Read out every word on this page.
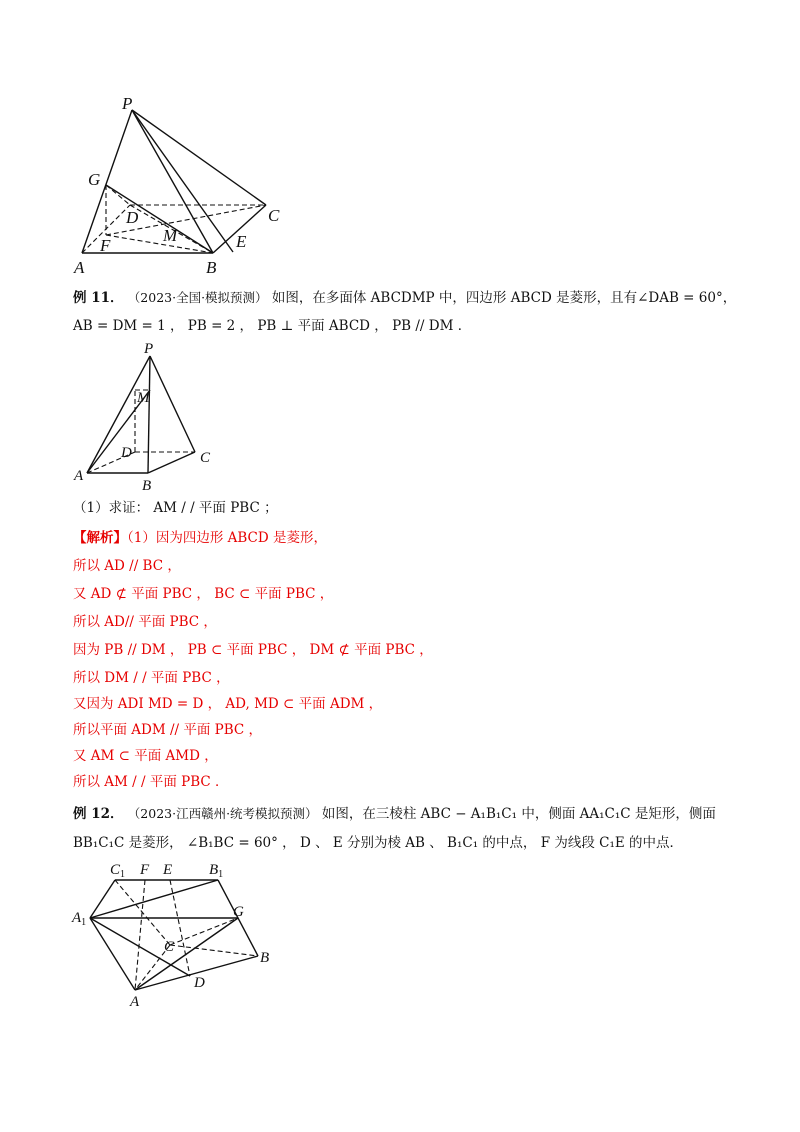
P
G
D	C
F
M	E
A	B
例 11． （2023·全国·模拟预测） 如图，在多面体 ABCDMP 中，四边形 ABCD 是菱形，且有∠DAB = 60°，
AB = DM = 1 ， PB = 2 ， PB ⊥ 平面 ABCD ， PB // DM ．
P
M
D	C
A
B
（1）求证： AM / / 平面 PBC ；
【解析】（1）因为四边形 ABCD 是菱形，
所以 AD // BC ，
又 AD ⊄ 平面 PBC ， BC ⊂ 平面 PBC ，
所以 AD// 平面 PBC ，
因为 PB // DM ， PB ⊂ 平面 PBC ， DM ⊄ 平面 PBC ，
所以 DM / / 平面 PBC ，
又因为 ADI MD = D ， AD, MD ⊂ 平面 ADM ，
所以平面 ADM // 平面 PBC ，
又 AM ⊂ 平面 AMD ，
所以 AM / / 平面 PBC ．
例 12． （2023·江西赣州·统考模拟预测） 如图，在三棱柱 ABC − A₁B₁C₁ 中，侧面 AA₁C₁C 是矩形，侧面
BB₁C₁C 是菱形， ∠B₁BC = 60° ， D 、 E 分别为棱 AB 、 B₁C₁ 的中点， F 为线段 C₁E 的中点．
$C_1$ F E $B_1$
$A_1$
G
C
B
D
A
